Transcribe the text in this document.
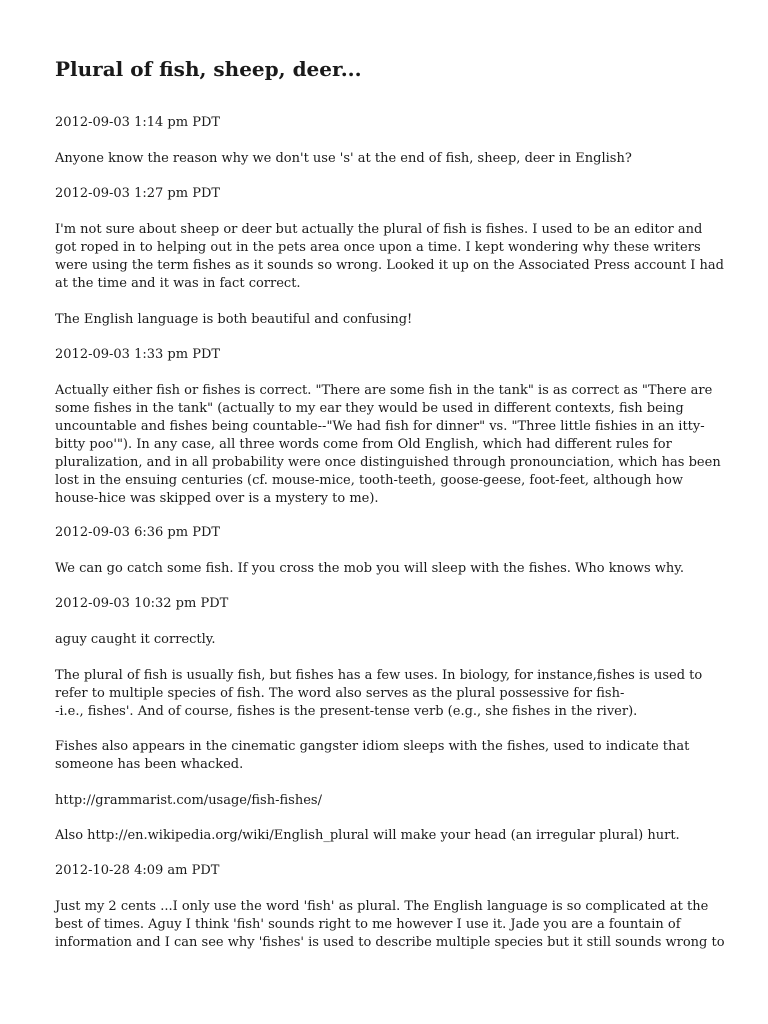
Plural of fish, sheep, deer...

2012-09-03 1:14 pm PDT

Anyone know the reason why we don't use 's' at the end of fish, sheep, deer in English?

2012-09-03 1:27 pm PDT

I'm not sure about sheep or deer but actually the plural of fish is fishes. I used to be an editor and

got roped in to helping out in the pets area once upon a time. I kept wondering why these writers

were using the term fishes as it sounds so wrong. Looked it up on the Associated Press account I had

at the time and it was in fact correct.

The English language is both beautiful and confusing!

2012-09-03 1:33 pm PDT

Actually either fish or fishes is correct. "There are some fish in the tank" is as correct as "There are

some fishes in the tank" (actually to my ear they would be used in different contexts, fish being

uncountable and fishes being countable--"We had fish for dinner" vs. "Three little fishies in an itty-

bitty poo'"). In any case, all three words come from Old English, which had different rules for

pluralization, and in all probability were once distinguished through pronounciation, which has been

lost in the ensuing centuries (cf. mouse-mice, tooth-teeth, goose-geese, foot-feet, although how

house-hice was skipped over is a mystery to me).

2012-09-03 6:36 pm PDT

We can go catch some fish. If you cross the mob you will sleep with the fishes. Who knows why.

2012-09-03 10:32 pm PDT

aguy caught it correctly.

The plural of fish is usually fish, but fishes has a few uses. In biology, for instance,fishes is used to

refer to multiple species of fish. The word also serves as the plural possessive for fish-

-i.e., fishes'. And of course, fishes is the present-tense verb (e.g., she fishes in the river).

Fishes also appears in the cinematic gangster idiom sleeps with the fishes, used to indicate that

someone has been whacked.

http://grammarist.com/usage/fish-fishes/

Also http://en.wikipedia.org/wiki/English_plural will make your head (an irregular plural) hurt.

2012-10-28 4:09 am PDT

Just my 2 cents ...I only use the word 'fish' as plural. The English language is so complicated at the

best of times. Aguy I think 'fish' sounds right to me however I use it. Jade you are a fountain of

information and I can see why 'fishes' is used to describe multiple species but it still sounds wrong to
